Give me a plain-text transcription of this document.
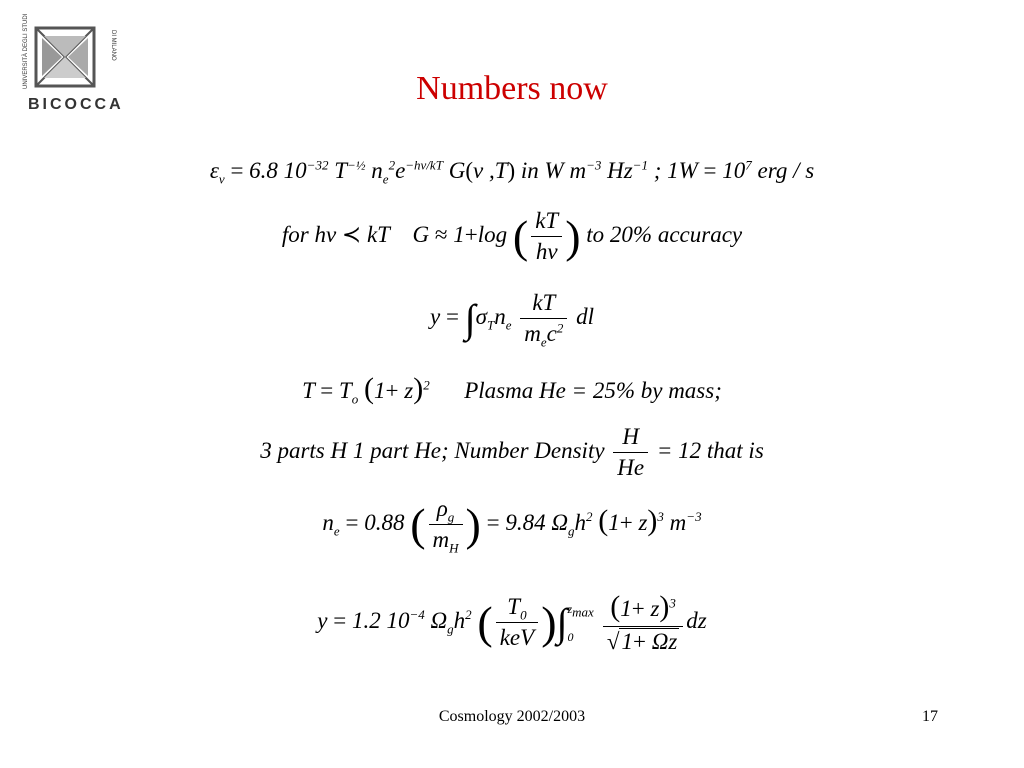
BICOCCA
UNIVERSITÀ DEGLI STUDI	DI MILANO
Numbers now
$\varepsilon_\nu = 6.8$ $10^{-32}$ $T^{-\frac{1}{2}}$ $n_e^2e^{-h\nu/kT}$ G(ν ,T) in W $m^{-3}$ $Hz^{-1}$ ; $1W = 10^7$ erg / s
for hν ≺ kT    G ≈ 1+log ( $\frac{kT}{h\nu}$ ) to 20% accuracy
$y = \int\sigma_Tn_e \frac{kT}{m_ec^2}$ dl
$T = T_o$ $(1+ z)^2$ Plasma He = 25% by mass;
3 parts H 1 part He; Number Density $\frac{H}{He} = 12$ that is
$n_e = 0.88$ ( $\frac{\rho_g}{m_H}$ ) = 9.84 $\Omega_gh^2$ $(1+ z)^3$ $m^{-3}$
y = 1.2 $10^{-4}$ $\Omega_gh^2$ ( $\frac{T_0}{\text{keV}} )\int z_{max}$
$0 \frac{(1+ z)^3}{√1+ \Omega z}$ dz
Cosmology 2002/2003	17
